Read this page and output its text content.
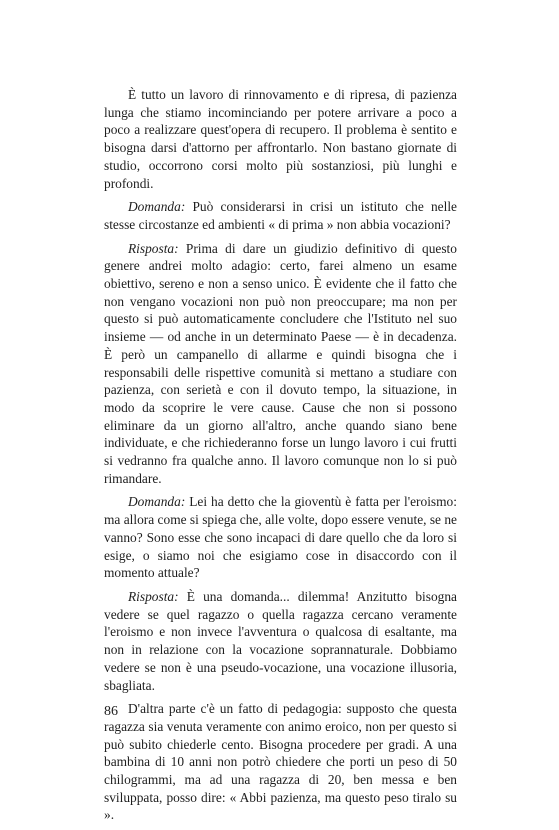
È tutto un lavoro di rinnovamento e di ripresa, di pazienza lunga che stiamo incominciando per potere arrivare a poco a poco a realizzare quest'opera di recupero. Il problema è sentito e bisogna darsi d'attorno per affrontarlo. Non bastano giornate di studio, occorrono corsi molto più sostanziosi, più lunghi e profondi.

Domanda: Può considerarsi in crisi un istituto che nelle stesse circostanze ed ambienti « di prima » non abbia vocazioni?

Risposta: Prima di dare un giudizio definitivo di questo genere andrei molto adagio: certo, farei almeno un esame obiettivo, sereno e non a senso unico. È evidente che il fatto che non vengano vocazioni non può non preoccupare; ma non per questo si può automaticamente concludere che l'Istituto nel suo insieme — od anche in un determinato Paese — è in decadenza. È però un campanello di allarme e quindi bisogna che i responsabili delle rispettive comunità si mettano a studiare con pazienza, con serietà e con il dovuto tempo, la situazione, in modo da scoprire le vere cause. Cause che non si possono eliminare da un giorno all'altro, anche quando siano bene individuate, e che richiederanno forse un lungo lavoro i cui frutti si vedranno fra qualche anno. Il lavoro comunque non lo si può rimandare.

Domanda: Lei ha detto che la gioventù è fatta per l'eroismo: ma allora come si spiega che, alle volte, dopo essere venute, se ne vanno? Sono esse che sono incapaci di dare quello che da loro si esige, o siamo noi che esigiamo cose in disaccordo con il momento attuale?

Risposta: È una domanda... dilemma! Anzitutto bisogna vedere se quel ragazzo o quella ragazza cercano veramente l'eroismo e non invece l'avventura o qualcosa di esaltante, ma non in relazione con la vocazione soprannaturale. Dobbiamo vedere se non è una pseudo-vocazione, una vocazione illusoria, sbagliata.

D'altra parte c'è un fatto di pedagogia: supposto che questa ragazza sia venuta veramente con animo eroico, non per questo si può subito chiederle cento. Bisogna procedere per gradi. A una bambina di 10 anni non potrò chiedere che porti un peso di 50 chilogrammi, ma ad una ragazza di 20, ben messa e ben sviluppata, posso dire: « Abbi pazienza, ma questo peso tiralo su ».

86
